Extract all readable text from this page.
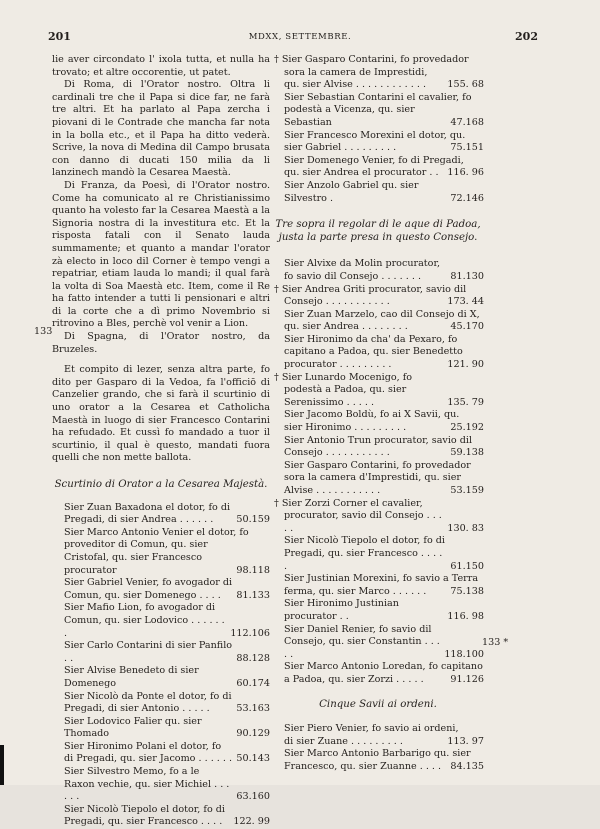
201	MDXX, SETTEMBRE.	202
133
133 *

lie aver circondato l' ixola tutta, et nulla ha trovato; et altre occorentie, ut patet.

Di Roma, di l'Orator nostro. Oltra li cardinali tre che il Papa si dice far, ne farà tre altri. Et ha parlato al Papa zercha i piovani di le Contrade che mancha far nota in la bolla etc., et il Papa ha ditto vederà. Scrive, la nova di Medina dil Campo brusata con danno di ducati 150 milia da li lanzinech mandò la Cesarea Maestà.

Di Franza, da Poesì, di l'Orator nostro. Come ha comunicato al re Christianissimo quanto ha volesto far la Cesarea Maestà a la Signoria nostra di la investitura etc. Et la risposta fatali con il Senato lauda summamente; et quanto a mandar l'orator zà electo in loco dil Corner è tempo vengi a repatriar, etiam lauda lo mandi; il qual farà la volta di Soa Maestà etc. Item, come il Re ha fatto intender a tutti li pensionari e altri di la corte che a dì primo Novembrio si ritrovino a Bles, perchè vol venir a Lion.

Di Spagna, di l'Orator nostro, da Bruzeles.

Et compito di lezer, senza altra parte, fo dito per Gasparo di la Vedoa, fa l'officiō di Canzelier grando, che si farà il scurtinio di uno orator a la Cesarea et Catholicha Maestà in luogo di sier Francesco Contarini ha refudado. Et cussì fo mandado a tuor il scurtinio, il qual è questo, mandati fuora quelli che non mette ballota.

Scurtinio di Orator a la Cesarea Majestà.

Sier Zuan Baxadona el dotor, fo di Pregadi, di sier Andrea . . . . . .	50.159
Sier Marco Antonio Venier el dotor, fo
proveditor di Comun, qu. sier Cristofal, qu. sier Francesco procurator	98.118
Sier Gabriel Venier, fo avogador di Comun, qu. sier Domenego . . . .	81.133
Sier Mafio Lion, fo avogador di Comun, qu. sier Lodovico . . . . . . .	112.106
Sier Carlo Contarini di sier Panfilo . .	88.128
Sier Alvise Benedeto di sier Domenego	60.174
Sier Nicolò da Ponte el dotor, fo di Pregadi, di sier Antonio . . . . .	53.163
Sier Lodovico Falier qu. sier Thomado	90.129
Sier Hironimo Polani el dotor, fo di Pregadi, qu. sier Jacomo . . . . . . 50.143
Sier Silvestro Memo, fo a le Raxon vechie, qu. sier Michiel . . . . . .	63.160
Sier Nicolò Tiepolo el dotor, fo di Pregadi, qu. sier Francesco . . . .	122. 99
† Sier Gasparo Contarini, fo provedador
sora la camera de Imprestidi, qu. sier Alvise . . . . . . . . . . . .	155. 68
Sier Sebastian Contarini el cavalier, fo
podestà a Vicenza, qu. sier Sebastian	47.168
Sier Francesco Morexini el dotor, qu.
sier Gabriel . . . . . . . . .	75.151
Sier Domenego Venier, fo di Pregadi,
qu. sier Andrea el procurator . . 116. 96
Sier Anzolo Gabriel qu. sier Silvestro .	72.146

Tre sopra il regolar di le aque di Padoa, justa la parte presa in questo Consejo.

Sier Alvixe da Molin procurator, fo savio dil Consejo . . . . . . .	81.130
† Sier Andrea Griti procurator, savio dil
Consejo . . . . . . . . . . .	173. 44
Sier Zuan Marzelo, cao dil Consejo di X,
qu. sier Andrea . . . . . . . .	45.170
Sier Hironimo da cha' da Pexaro, fo capitano a Padoa, qu. sier Benedetto
procurator . . . . . . . . .	121. 90
† Sier Lunardo Mocenigo, fo podestà a Padoa, qu. sier Serenissimo . . . . .	135. 79
Sier Jacomo Boldù, fo ai X Savii, qu.
sier Hironimo . . . . . . . . .	25.192
Sier Antonio Trun procurator, savio dil
Consejo . . . . . . . . . . .	59.138
Sier Gasparo Contarini, fo provedador
sora la camera d'Imprestidi, qu. sier
Alvise . . . . . . . . . . .	53.159
† Sier Zorzi Corner el cavalier, procurator, savio dil Consejo . . . . .	130. 83
Sier Nicolò Tiepolo el dotor, fo di Pregadi, qu. sier Francesco . . . . .	61.150
Sier Justinian Morexini, fo savio a Terra
ferma, qu. sier Marco . . . . . .	75.138
Sier Hironimo Justinian procurator . .	116. 98
Sier Daniel Renier, fo savio dil Consejo, qu. sier Constantin . . . . .	118.100
Sier Marco Antonio Loredan, fo capitano
a Padoa, qu. sier Zorzi . . . . .	91.126

Cinque Savii ai ordeni.

Sier Piero Venier, fo savio ai ordeni,
di sier Zuane . . . . . . . . .	113. 97
Sier Marco Antonio Barbarigo qu. sier
Francesco, qu. sier Zuanne . . . . 84.135
